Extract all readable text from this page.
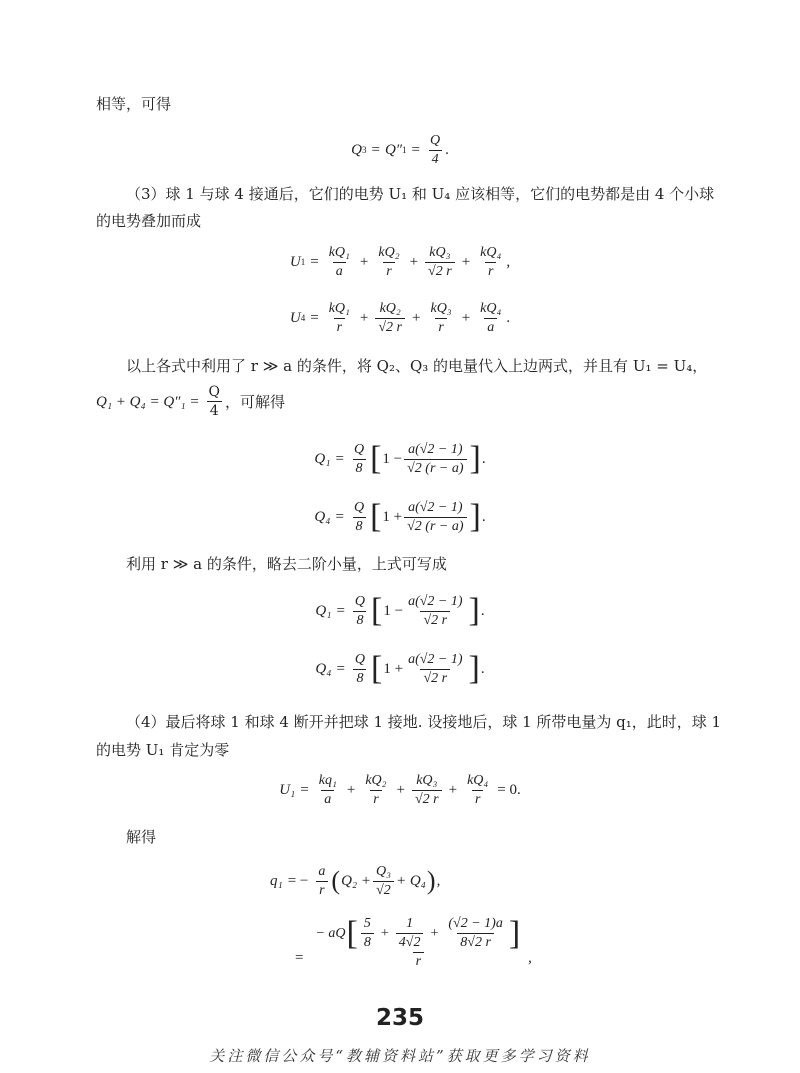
相等，可得
Q 3 = Q″ $1 = \frac{Q}{4}$ .
（3）球 1 与球 4 接通后，它们的电势 U₁ 和 U₄ 应该相等，它们的电势都是由 4 个小球
的电势叠加而成
U $1 = \frac{\text{kQ₁}}{a} + \frac{\text{kQ₂}}{r} + \frac{\text{kQ₃}}{√2 r} + \frac{\text{kQ₄}}{r}$ ,
U $4 = \frac{\text{kQ₁}}{r} + \frac{\text{kQ₂}}{√2 r} + \frac{\text{kQ₃}}{r} + \frac{\text{kQ₄}}{a}$ .
以上各式中利用了 r ≫ a 的条件，将 Q₂、Q₃ 的电量代入上边两式，并且有 U₁ = U₄，
$Q_1 + Q_4 = Q''_1 = \frac{Q}{4}$ ，可解得
$Q_1 = \frac{Q}{8}$ [ $1 - \frac{a(√2 - 1)}{√2 (r - a)}$ ] .
$Q_4 = \frac{Q}{8}$ [ $1 + \frac{a(√2 - 1)}{√2 (r - a)}$ ] .
利用 r ≫ a 的条件，略去二阶小量，上式可写成
$Q_1 = \frac{Q}{8}$ [ $1 - \frac{a(√2 - 1)}{√2 r}$ ] .
$Q_4 = \frac{Q}{8}$ [ $1 + \frac{a(√2 - 1)}{√2 r}$ ] .
（4）最后将球 1 和球 4 断开并把球 1 接地. 设接地后，球 1 所带电量为 q₁，此时，球 1
的电势 U₁ 肯定为零
$U_1 = \frac{\text{kq₁}}{a} + \frac{\text{kQ₂}}{r} + \frac{\text{kQ₃}}{√2 r} + \frac{\text{kQ₄}}{r} = 0$.
解得
q₁ = − $\frac{a}{r}$ ( $Q_2 + \frac{\text{Q₃}}{√2} + Q_4$ ) ,
=
− aQ [ $\frac{5}{8} + \frac{1}{4√2} + \frac{(√2 - 1)a}{8√2 r}$ ]
r	,
235
关注微信公众号“教辅资料站”获取更多学习资料
